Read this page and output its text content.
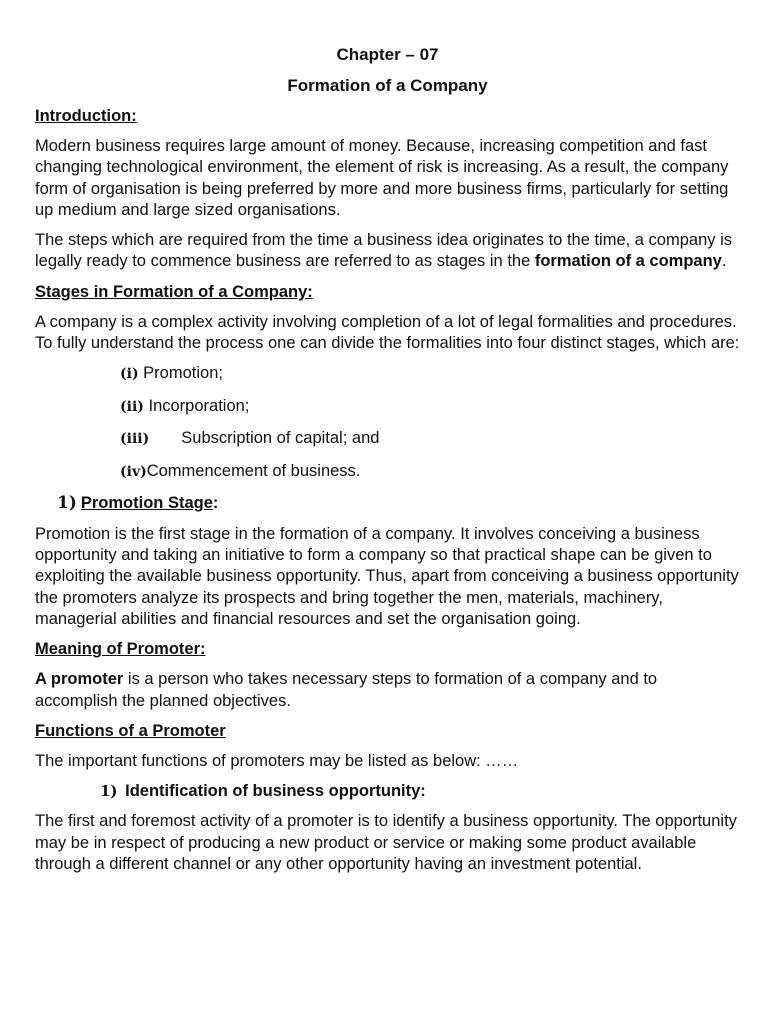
Chapter – 07
Formation of a Company
Introduction:

Modern business requires large amount of money. Because, increasing competition and fast changing technological environment, the element of risk is increasing. As a result, the company form of organisation is being preferred by more and more business firms, particularly for setting up medium and large sized organisations.

The steps which are required from the time a business idea originates to the time, a company is legally ready to commence business are referred to as stages in the formation of a company.

Stages in Formation of a Company:

A company is a complex activity involving completion of a lot of legal formalities and procedures. To fully understand the process one can divide the formalities into four distinct stages, which are:

(i) Promotion;
(ii) Incorporation;
(iii) Subscription of capital; and
(iv)Commencement of business.
1) Promotion Stage:

Promotion is the first stage in the formation of a company. It involves conceiving a business opportunity and taking an initiative to form a company so that practical shape can be given to exploiting the available business opportunity. Thus, apart from conceiving a business opportunity the promoters analyze its prospects and bring together the men, materials, machinery, managerial abilities and financial resources and set the organisation going.

Meaning of Promoter:

A promoter is a person who takes necessary steps to formation of a company and to accomplish the planned objectives.

Functions of a Promoter

The important functions of promoters may be listed as below: ……

1) Identification of business opportunity:

The first and foremost activity of a promoter is to identify a business opportunity. The opportunity may be in respect of producing a new product or service or making some product available through a different channel or any other opportunity having an investment potential.
